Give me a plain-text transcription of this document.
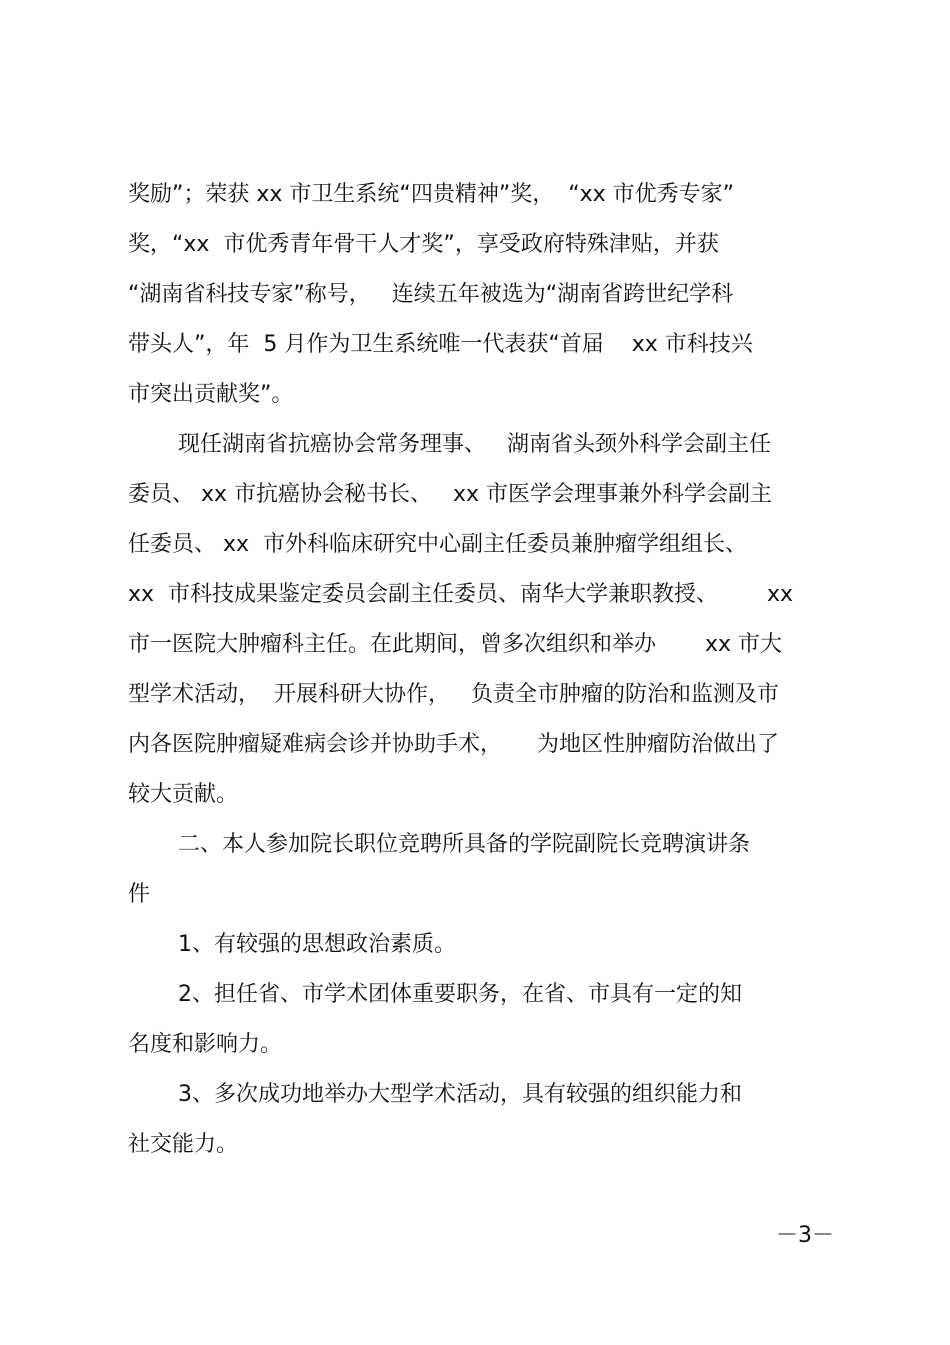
奖励”；荣获 xx 市卫生系统“四贵精神”奖，  “xx 市优秀专家”
奖，“xx  市优秀青年骨干人才奖”，享受政府特殊津贴，并获
“湖南省科技专家”称号，   连续五年被选为“湖南省跨世纪学科
带头人”，年  5 月作为卫生系统唯一代表获“首届    xx 市科技兴
市突出贡献奖”。
现任湖南省抗癌协会常务理事、   湖南省头颈外科学会副主任
委员、 xx 市抗癌协会秘书长、   xx 市医学会理事兼外科学会副主
任委员、 xx  市外科临床研究中心副主任委员兼肿瘤学组组长、
xx  市科技成果鉴定委员会副主任委员、南华大学兼职教授、       xx
市一医院大肿瘤科主任。在此期间，曾多次组织和举办       xx 市大
型学术活动，  开展科研大协作，   负责全市肿瘤的防治和监测及市
内各医院肿瘤疑难病会诊并协助手术，     为地区性肿瘤防治做出了
较大贡献。
二、本人参加院长职位竞聘所具备的学院副院长竞聘演讲条
件
1、有较强的思想政治素质。
2、担任省、市学术团体重要职务，在省、市具有一定的知
名度和影响力。
3、多次成功地举办大型学术活动，具有较强的组织能力和
社交能力。
－3－
